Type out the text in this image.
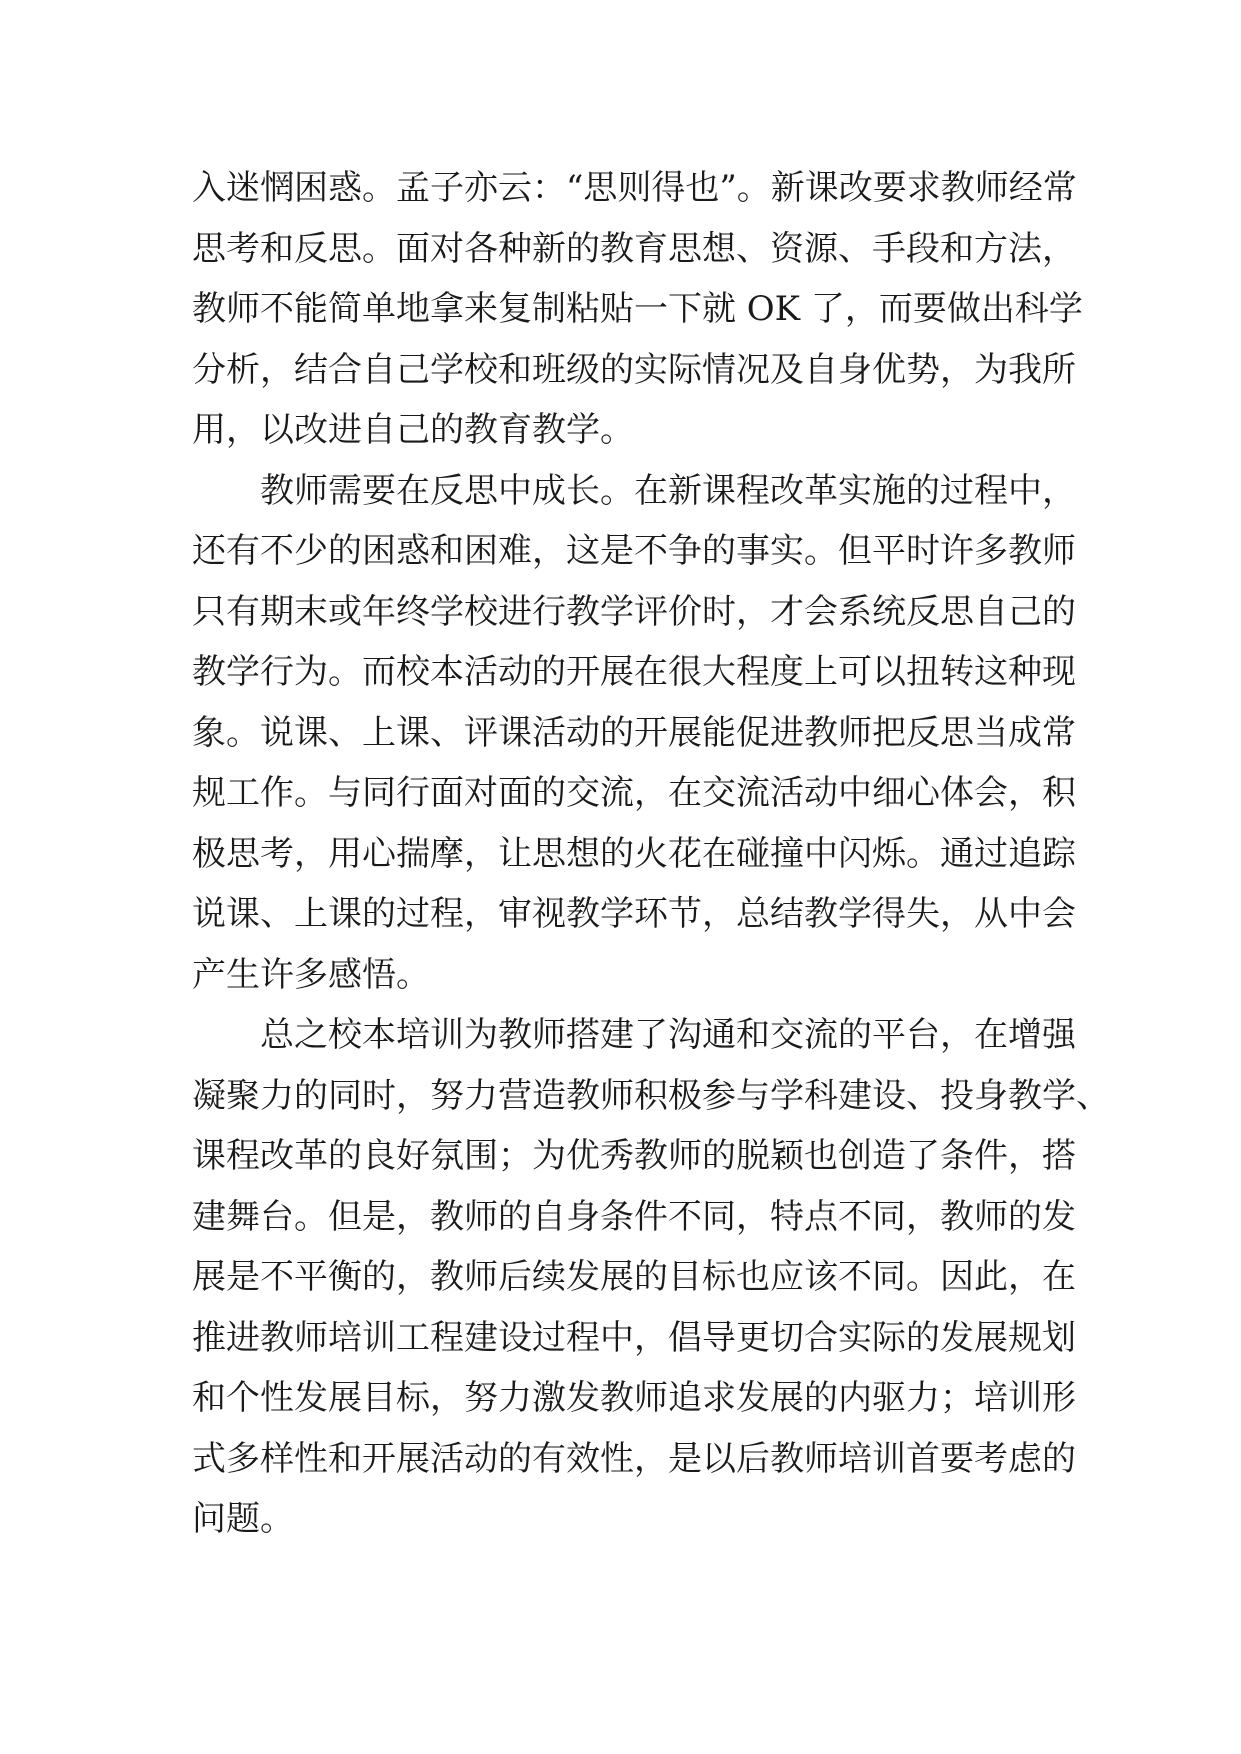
入迷惘困惑。孟子亦云：“思则得也”。新课改要求教师经常
思考和反思。面对各种新的教育思想、资源、手段和方法，
教师不能简单地拿来复制粘贴一下就 OK 了，而要做出科学
分析，结合自己学校和班级的实际情况及自身优势，为我所
用，以改进自己的教育教学。
教师需要在反思中成长。在新课程改革实施的过程中，
还有不少的困惑和困难，这是不争的事实。但平时许多教师
只有期末或年终学校进行教学评价时，才会系统反思自己的
教学行为。而校本活动的开展在很大程度上可以扭转这种现
象。说课、上课、评课活动的开展能促进教师把反思当成常
规工作。与同行面对面的交流，在交流活动中细心体会，积
极思考，用心揣摩，让思想的火花在碰撞中闪烁。通过追踪
说课、上课的过程，审视教学环节，总结教学得失，从中会
产生许多感悟。
总之校本培训为教师搭建了沟通和交流的平台，在增强
凝聚力的同时，努力营造教师积极参与学科建设、投身教学、
课程改革的良好氛围；为优秀教师的脱颖也创造了条件，搭
建舞台。但是，教师的自身条件不同，特点不同，教师的发
展是不平衡的，教师后续发展的目标也应该不同。因此，在
推进教师培训工程建设过程中，倡导更切合实际的发展规划
和个性发展目标，努力激发教师追求发展的内驱力；培训形
式多样性和开展活动的有效性，是以后教师培训首要考虑的
问题。
